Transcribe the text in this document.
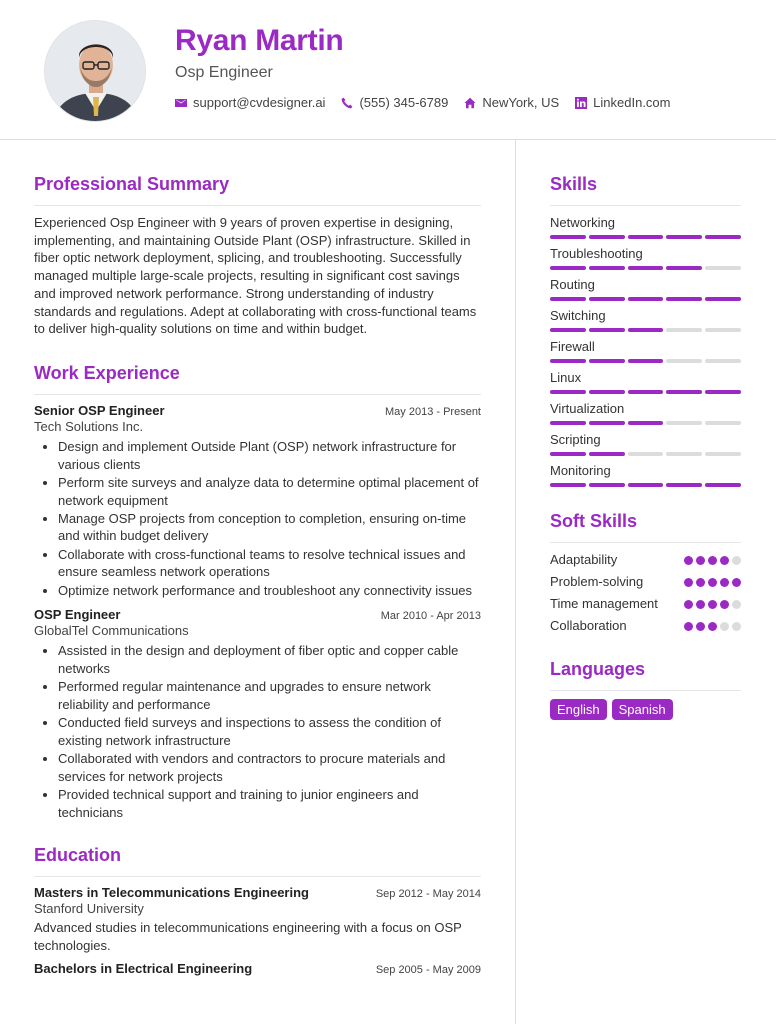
Ryan Martin
Osp Engineer
support@cvdesigner.ai	(555) 345-6789	NewYork, US	LinkedIn.com
Professional Summary

Experienced Osp Engineer with 9 years of proven expertise in designing, implementing, and maintaining Outside Plant (OSP) infrastructure. Skilled in fiber optic network deployment, splicing, and troubleshooting. Successfully managed multiple large-scale projects, resulting in significant cost savings and improved network performance. Strong understanding of industry standards and regulations. Adept at collaborating with cross-functional teams to deliver high-quality solutions on time and within budget.

Work Experience
Senior OSP Engineer	May 2013 - Present
Tech Solutions Inc.
• Design and implement Outside Plant (OSP) network infrastructure for various clients
• Perform site surveys and analyze data to determine optimal placement of network equipment
• Manage OSP projects from conception to completion, ensuring on-time and within budget delivery
• Collaborate with cross-functional teams to resolve technical issues and ensure seamless network operations
• Optimize network performance and troubleshoot any connectivity issues
OSP Engineer	Mar 2010 - Apr 2013
GlobalTel Communications
• Assisted in the design and deployment of fiber optic and copper cable networks
• Performed regular maintenance and upgrades to ensure network reliability and performance
• Conducted field surveys and inspections to assess the condition of existing network infrastructure
• Collaborated with vendors and contractors to procure materials and services for network projects
• Provided technical support and training to junior engineers and technicians
Education
Masters in Telecommunications Engineering	Sep 2012 - May 2014
Stanford University

Advanced studies in telecommunications engineering with a focus on OSP technologies.

Bachelors in Electrical Engineering	Sep 2005 - May 2009
Skills
Networking
Troubleshooting
Routing
Switching
Firewall
Linux
Virtualization
Scripting
Monitoring
Soft Skills
Adaptability
Problem-solving
Time management
Collaboration
Languages
English	Spanish
